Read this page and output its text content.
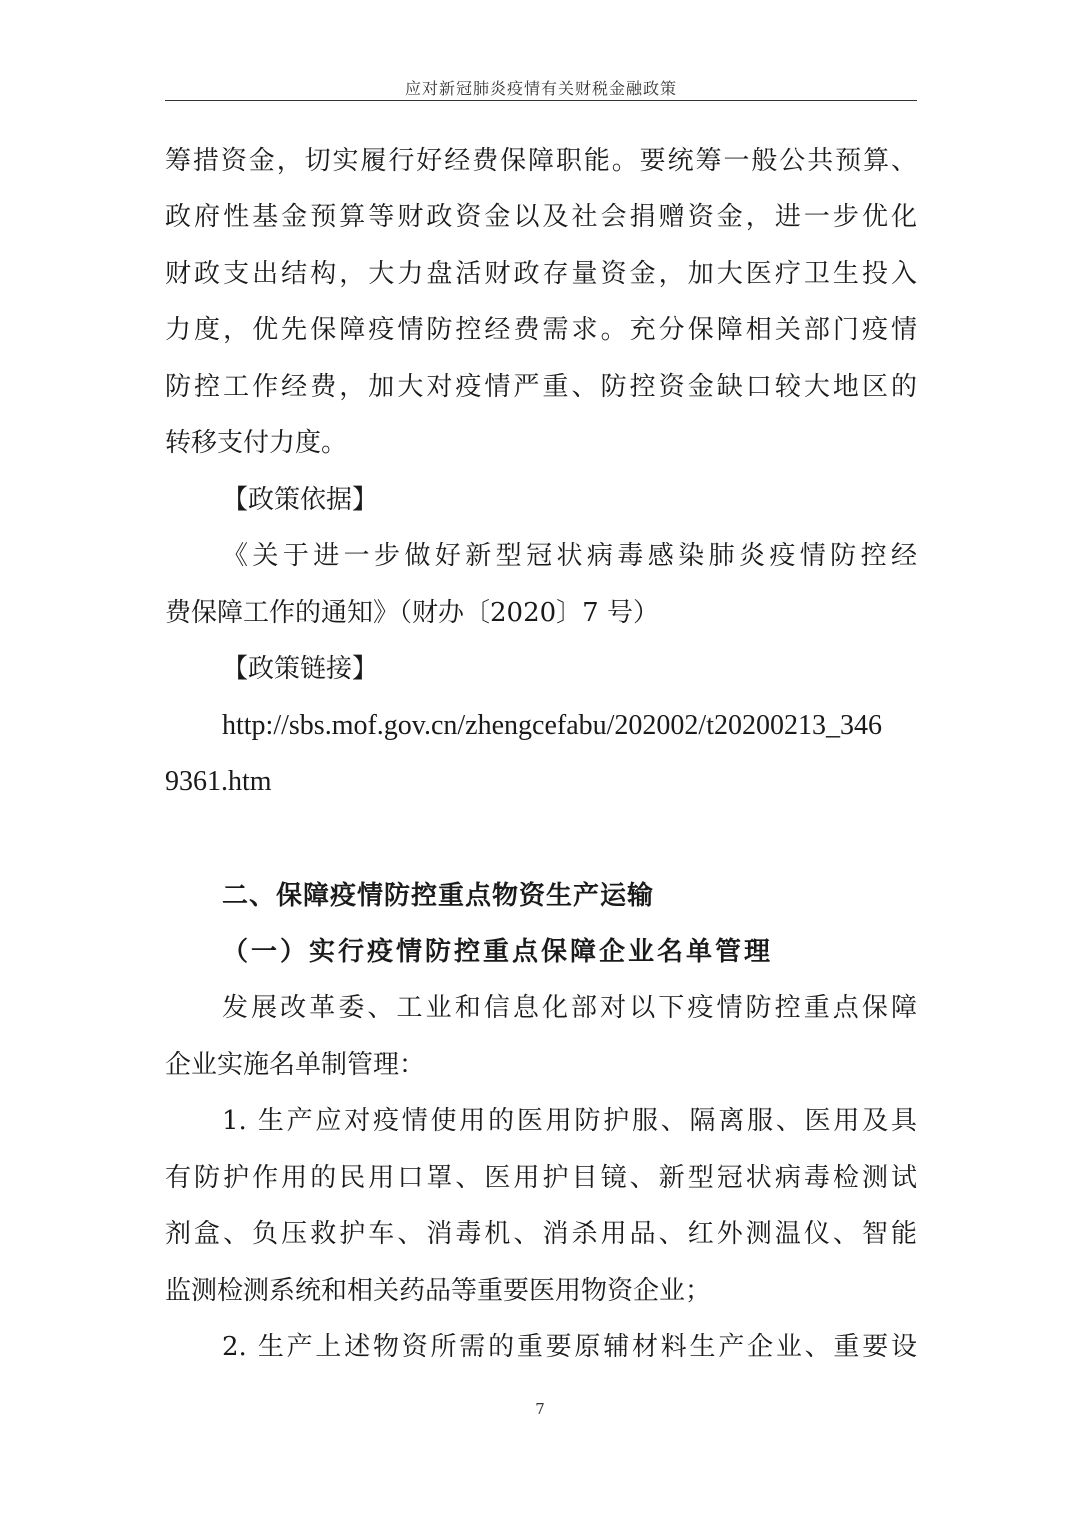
应对新冠肺炎疫情有关财税金融政策
筹措资金，切实履行好经费保障职能。要统筹一般公共预算、
政府性基金预算等财政资金以及社会捐赠资金，进一步优化
财政支出结构，大力盘活财政存量资金，加大医疗卫生投入
力度，优先保障疫情防控经费需求。充分保障相关部门疫情
防控工作经费，加大对疫情严重、防控资金缺口较大地区的
转移支付力度。
【政策依据】
《关于进一步做好新型冠状病毒感染肺炎疫情防控经
费保障工作的通知》（财办〔2020〕7 号）
【政策链接】
http://sbs.mof.gov.cn/zhengcefabu/202002/t20200213_346
9361.htm
二、保障疫情防控重点物资生产运输
（一）实行疫情防控重点保障企业名单管理
发展改革委、工业和信息化部对以下疫情防控重点保障
企业实施名单制管理：
1. 生产应对疫情使用的医用防护服、隔离服、医用及具
有防护作用的民用口罩、医用护目镜、新型冠状病毒检测试
剂盒、负压救护车、消毒机、消杀用品、红外测温仪、智能
监测检测系统和相关药品等重要医用物资企业；
2. 生产上述物资所需的重要原辅材料生产企业、重要设
7
